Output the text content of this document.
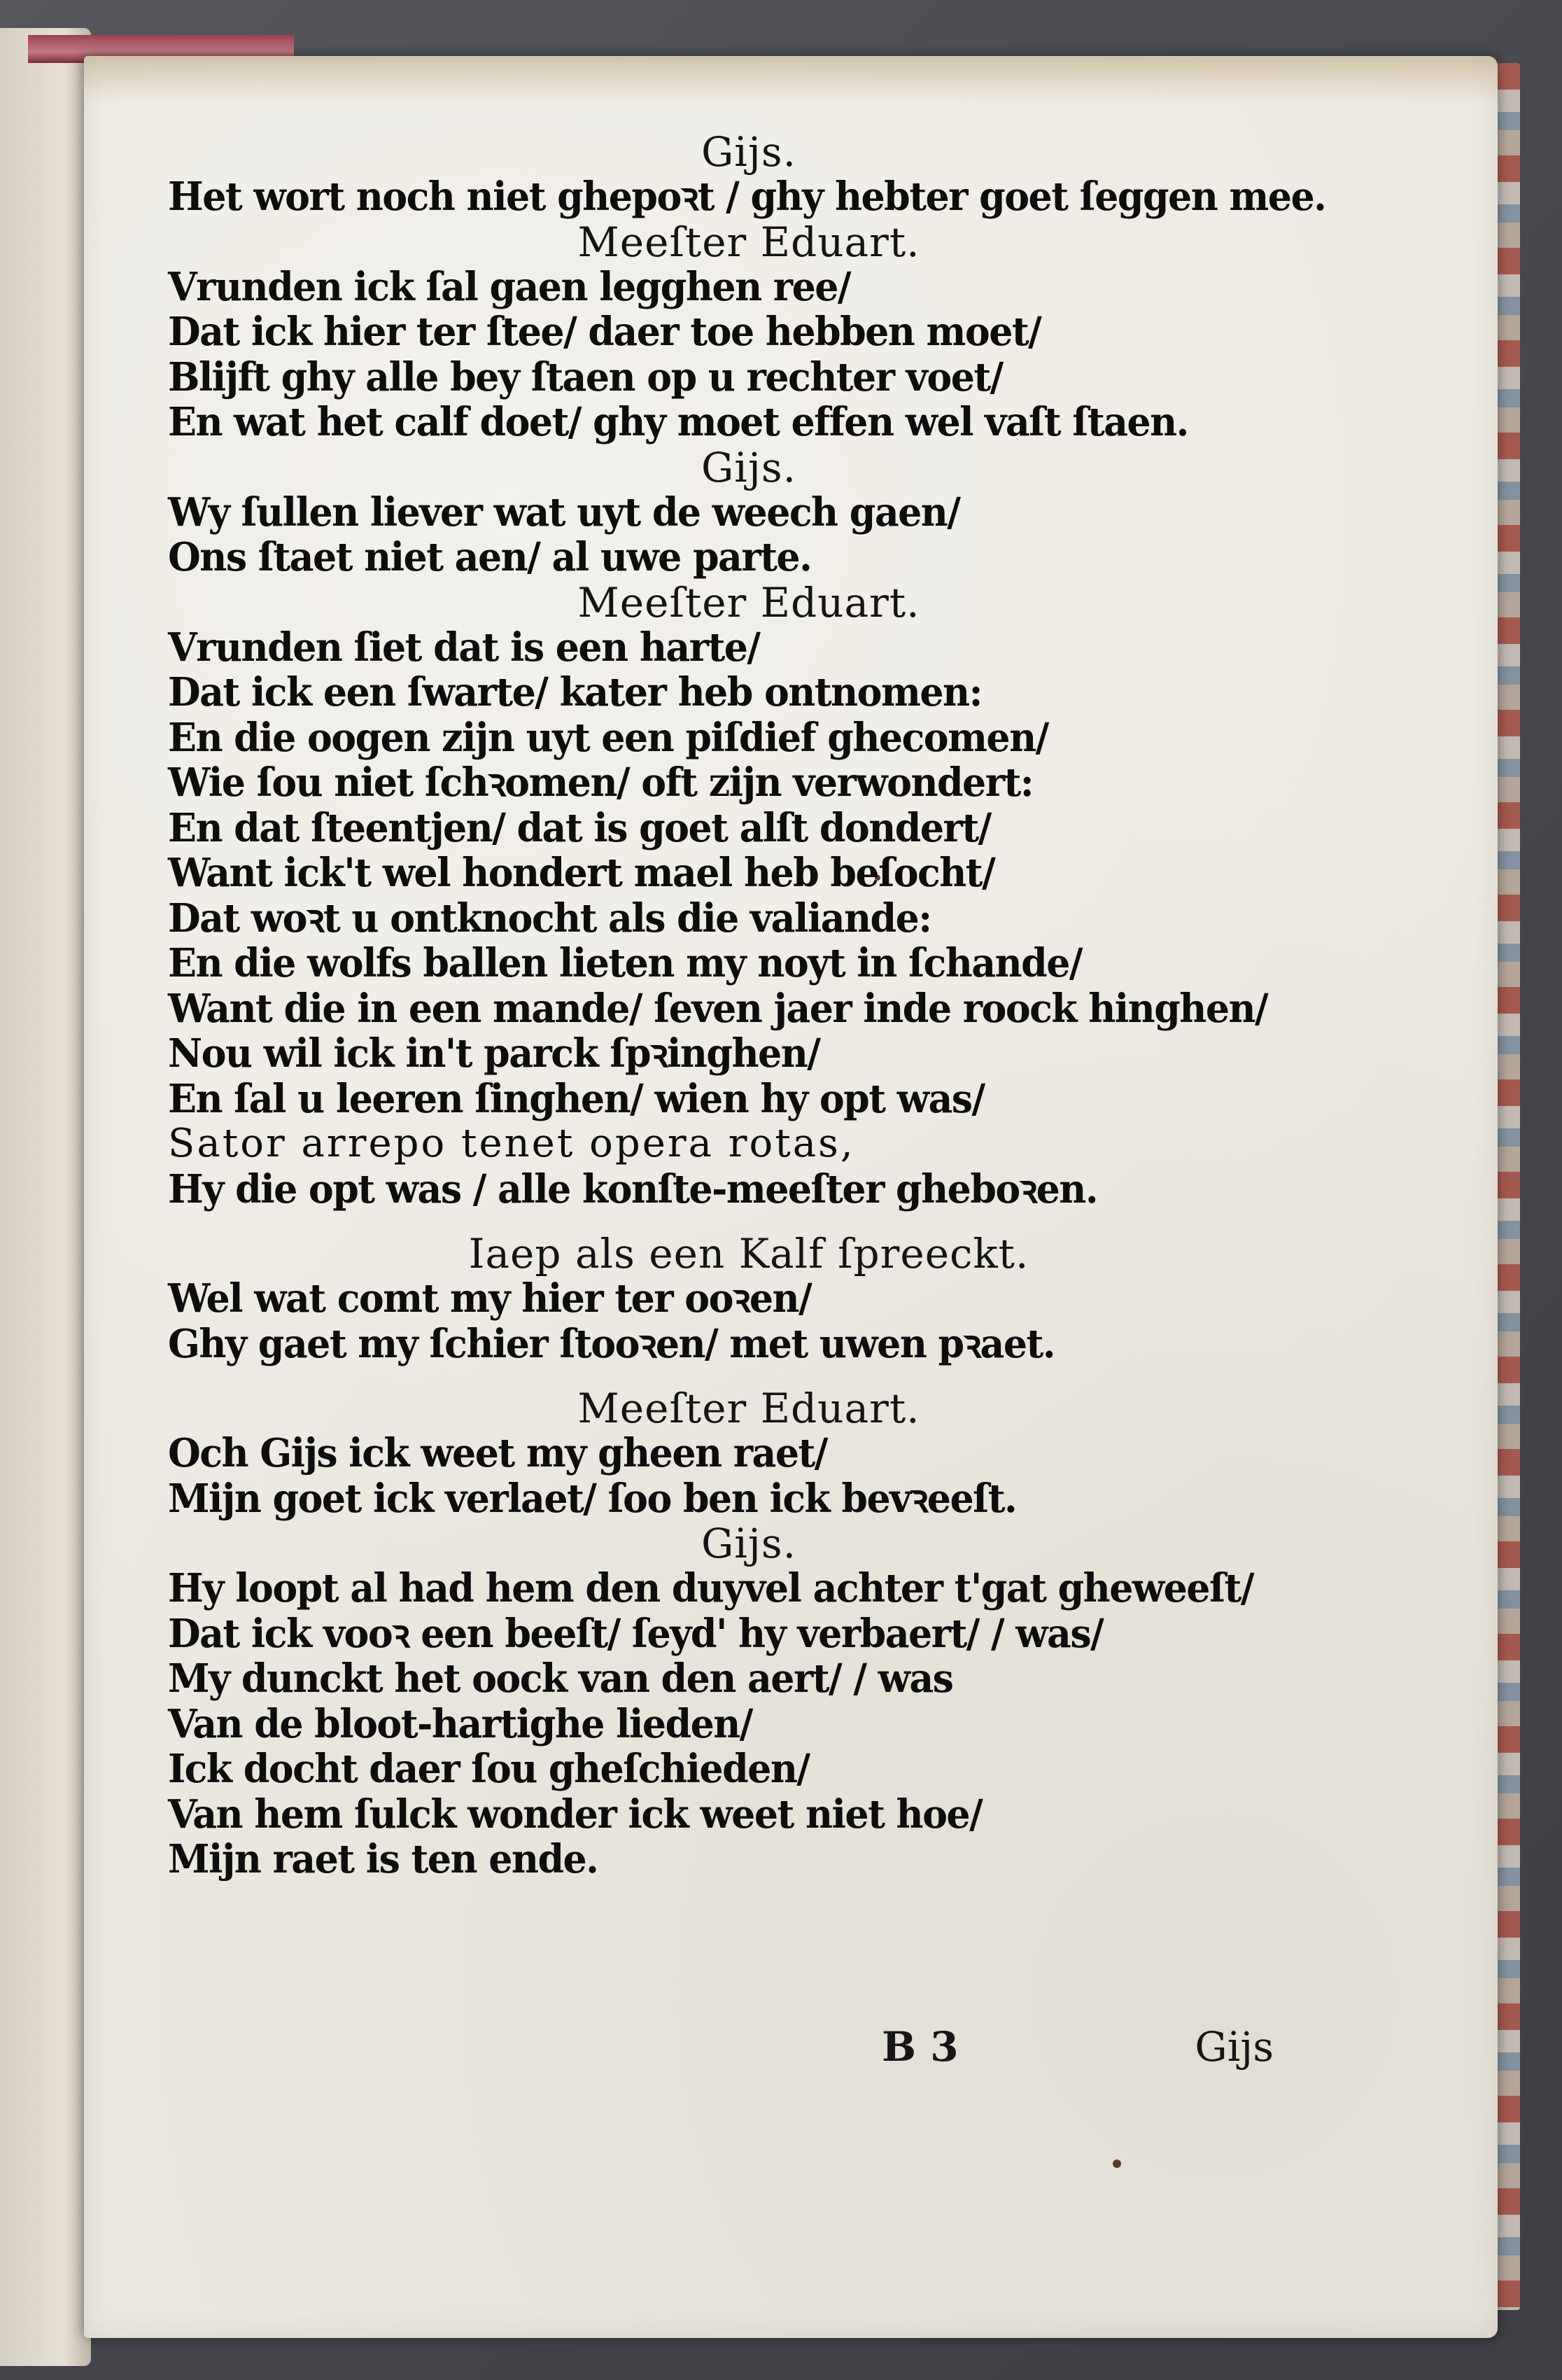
Gijs.
Het wort noch niet ghepoꝛt / ghy hebter goet ſeggen mee.
Meeſter Eduart.
Vrunden ick ſal gaen legghen ree/
Dat ick hier ter ſtee/ daer toe hebben moet/
Blijft ghy alle bey ſtaen op u rechter voet/
En wat het calf doet/ ghy moet effen wel vaſt ſtaen.
Gijs.
Wy ſullen liever wat uyt de weech gaen/
Ons ſtaet niet aen/ al uwe parte.
Meeſter Eduart.
Vrunden ſiet dat is een harte/
Dat ick een ſwarte/ kater heb ontnomen:
En die oogen zijn uyt een piſdief ghecomen/
Wie ſou niet ſchꝛomen/ oft zijn verwondert:
En dat ſteentjen/ dat is goet alſt dondert/
Want ick't wel hondert mael heb beſocht/
Dat woꝛt u ontknocht als die valiande:
En die wolfs ballen lieten my noyt in ſchande/
Want die in een mande/ ſeven jaer inde roock hinghen/
Nou wil ick in't parck ſpꝛinghen/
En ſal u leeren ſinghen/ wien hy opt was/
Sator arrepo tenet opera rotas,
Hy die opt was / alle konſte-meeſter gheboꝛen.
Iaep als een Kalf ſpreeckt.
Wel wat comt my hier ter ooꝛen/
Ghy gaet my ſchier ſtooꝛen/ met uwen pꝛaet.
Meeſter Eduart.
Och Gijs ick weet my gheen raet/
Mijn goet ick verlaet/ ſoo ben ick bevꝛeeſt.
Gijs.
Hy loopt al had hem den duyvel achter t'gat gheweeſt/
Dat ick vooꝛ een beeſt/ ſeyd' hy verbaert/ / was/
My dunckt het oock van den aert/ / was
Van de bloot-hartighe lieden/
Ick docht daer ſou gheſchieden/
Van hem ſulck wonder ick weet niet hoe/
Mijn raet is ten ende.
B 3	Gijs
